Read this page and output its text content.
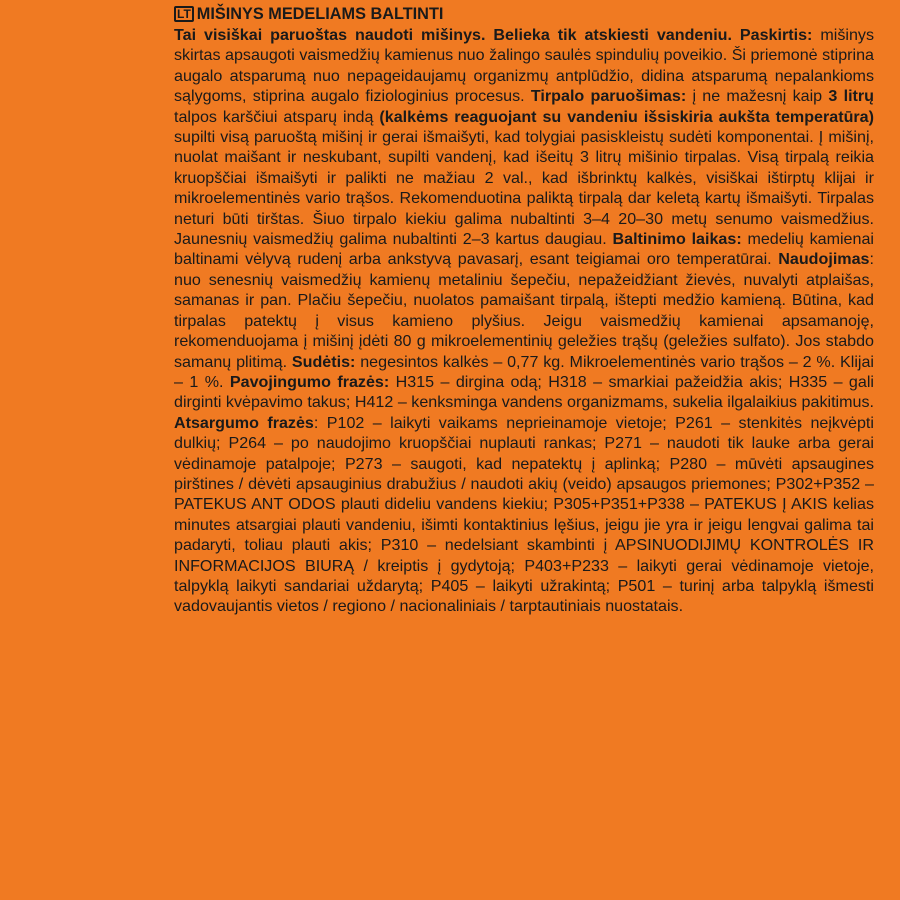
LT MIŠINYS MEDELIAMS BALTINTI

Tai visiškai paruoštas naudoti mišinys. Belieka tik atskiesti vandeniu. Paskirtis: mišinys skirtas apsaugoti vaismedžių kamienus nuo žalingo saulės spindulių poveikio. Ši priemonė stiprina augalo atsparumą nuo nepageidaujamų organizmų antplūdžio, didina atsparumą nepalankioms sąlygoms, stiprina augalo fiziologinius procesus. Tirpalo paruošimas: į ne mažesnį kaip 3 litrų talpos karščiui atsparų indą (kalkėms reaguojant su vandeniu išsiskiria aukšta temperatūra) supilti visą paruoštą mišinį ir gerai išmaišyti, kad tolygiai pasiskleistų sudėti komponentai. Į mišinį, nuolat maišant ir neskubant, supilti vandenį, kad išeitų 3 litrų mišinio tirpalas. Visą tirpalą reikia kruopščiai išmaišyti ir palikti ne mažiau 2 val., kad išbrinktų kalkės, visiškai ištirptų klijai ir mikroelementinės vario trąšos. Rekomenduotina paliktą tirpalą dar keletą kartų išmaišyti. Tirpalas neturi būti tirštas. Šiuo tirpalo kiekiu galima nubaltinti 3–4 20–30 metų senumo vaismedžius. Jaunesnių vaismedžių galima nubaltinti 2–3 kartus daugiau. Baltinimo laikas: medelių kamienai baltinami vėlyvą rudenį arba ankstyvą pavasarį, esant teigiamai oro temperatūrai. Naudojimas: nuo senesnių vaismedžių kamienų metaliniu šepečiu, nepažeidžiant žievės, nuvalyti atplaišas, samanas ir pan. Plačiu šepečiu, nuolatos pamaišant tirpalą, ištepti medžio kamieną. Būtina, kad tirpalas patektų į visus kamieno plyšius. Jeigu vaismedžių kamienai apsamanoję, rekomenduojama į mišinį įdėti 80 g mikroelementinių geležies trąšų (geležies sulfato). Jos stabdo samanų plitimą. Sudėtis: negesintos kalkės – 0,77 kg. Mikroelementinės vario trąšos – 2 %. Klijai – 1 %. Pavojingumo frazės: H315 – dirgina odą; H318 – smarkiai pažeidžia akis; H335 – gali dirginti kvėpavimo takus; H412 – kenksminga vandens organizmams, sukelia ilgalaikius pakitimus. Atsargumo frazės: P102 – laikyti vaikams neprieinamoje vietoje; P261 – stenkitės neįkvėpti dulkių; P264 – po naudojimo kruopščiai nuplauti rankas; P271 – naudoti tik lauke arba gerai vėdinamoje patalpoje; P273 – saugoti, kad nepatektų į aplinką; P280 – mūvėti apsaugines pirštines / dėvėti apsauginius drabužius / naudoti akių (veido) apsaugos priemones; P302+P352 – PATEKUS ANT ODOS plauti dideliu vandens kiekiu; P305+P351+P338 – PATEKUS Į AKIS kelias minutes atsargiai plauti vandeniu, išimti kontaktinius lęšius, jeigu jie yra ir jeigu lengvai galima tai padaryti, toliau plauti akis; P310 – nedelsiant skambinti į APSINUODIJIMŲ KONTROLĖS IR INFORMACIJOS BIURĄ / kreiptis į gydytoją; P403+P233 – laikyti gerai vėdinamoje vietoje, talpyklą laikyti sandariai uždarytą; P405 – laikyti užrakintą; P501 – turinį arba talpyklą išmesti vadovaujantis vietos / regiono / nacionaliniais / tarptautiniais nuostatais.
